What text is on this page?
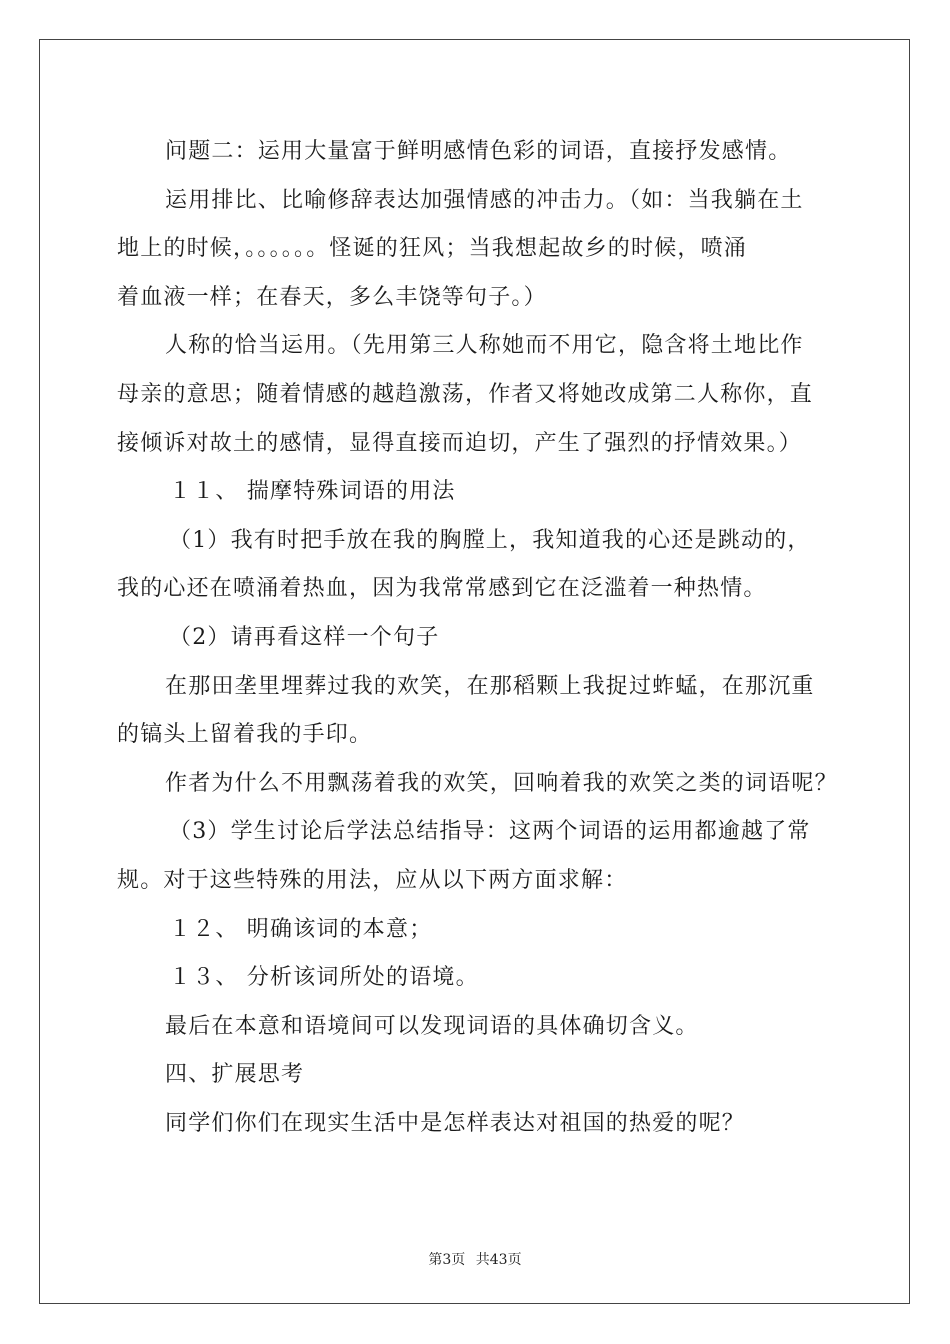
问题二：运用大量富于鲜明感情色彩的词语，直接抒发感情。
运用排比、比喻修辞表达加强情感的冲击力。（如：当我躺在土
地上的时候，。。。。。。怪诞的狂风；当我想起故乡的时候，喷涌
着血液一样；在春天，多么丰饶等句子。）
人称的恰当运用。（先用第三人称她而不用它，隐含将土地比作
母亲的意思；随着情感的越趋激荡，作者又将她改成第二人称你，直
接倾诉对故土的感情，显得直接而迫切，产生了强烈的抒情效果。）
１１、 揣摩特殊词语的用法
（1）我有时把手放在我的胸膛上，我知道我的心还是跳动的，
我的心还在喷涌着热血，因为我常常感到它在泛滥着一种热情。
（2）请再看这样一个句子
在那田垄里埋葬过我的欢笑，在那稻颗上我捉过蚱蜢，在那沉重
的镐头上留着我的手印。
作者为什么不用飘荡着我的欢笑，回响着我的欢笑之类的词语呢？
（3）学生讨论后学法总结指导：这两个词语的运用都逾越了常
规。对于这些特殊的用法，应从以下两方面求解：
１２、 明确该词的本意；
１３、 分析该词所处的语境。
最后在本意和语境间可以发现词语的具体确切含义。
四、扩展思考
同学们你们在现实生活中是怎样表达对祖国的热爱的呢？
第3页 共43页
